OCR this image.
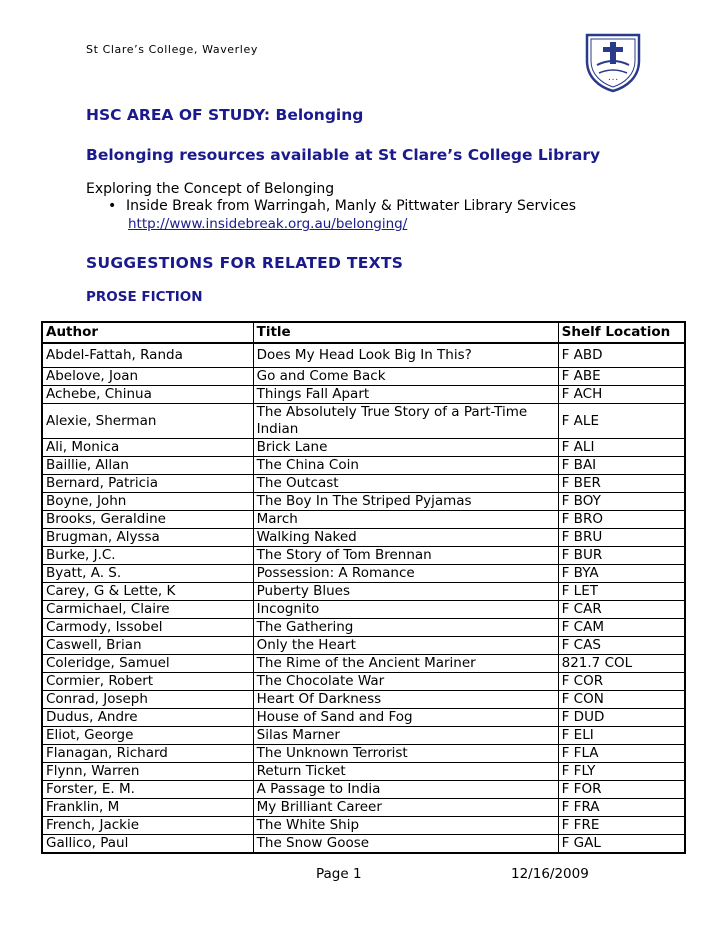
St Clare’s College, Waverley
• • •
HSC AREA OF STUDY: Belonging
Belonging resources available at St Clare’s College Library
Exploring the Concept of Belonging
• Inside Break from Warringah, Manly & Pittwater Library Services
http://www.insidebreak.org.au/belonging/
SUGGESTIONS FOR RELATED TEXTS
PROSE FICTION
Author	Title	Shelf Location
Abdel-Fattah, Randa	Does My Head Look Big In This?	F ABD
Abelove, Joan	Go and Come Back	F ABE
Achebe, Chinua	Things Fall Apart	F ACH
Alexie, Sherman	The Absolutely True Story of a Part-Time Indian	F ALE
Ali, Monica	Brick Lane	F ALI
Baillie, Allan	The China Coin	F BAI
Bernard, Patricia	The Outcast	F BER
Boyne, John	The Boy In The Striped Pyjamas	F BOY
Brooks, Geraldine	March	F BRO
Brugman, Alyssa	Walking Naked	F BRU
Burke, J.C.	The Story of Tom Brennan	F BUR
Byatt, A. S.	Possession: A Romance	F BYA
Carey, G & Lette, K	Puberty Blues	F LET
Carmichael, Claire	Incognito	F CAR
Carmody, Issobel	The Gathering	F CAM
Caswell, Brian	Only the Heart	F CAS
Coleridge, Samuel	The Rime of the Ancient Mariner	821.7 COL
Cormier, Robert	The Chocolate War	F COR
Conrad, Joseph	Heart Of Darkness	F CON
Dudus, Andre	House of Sand and Fog	F DUD
Eliot, George	Silas Marner	F ELI
Flanagan, Richard	The Unknown Terrorist	F FLA
Flynn, Warren	Return Ticket	F FLY
Forster, E. M.	A Passage to India	F FOR
Franklin, M	My Brilliant Career	F FRA
French, Jackie	The White Ship	F FRE
Gallico, Paul	The Snow Goose	F GAL
Page 1	12/16/2009
